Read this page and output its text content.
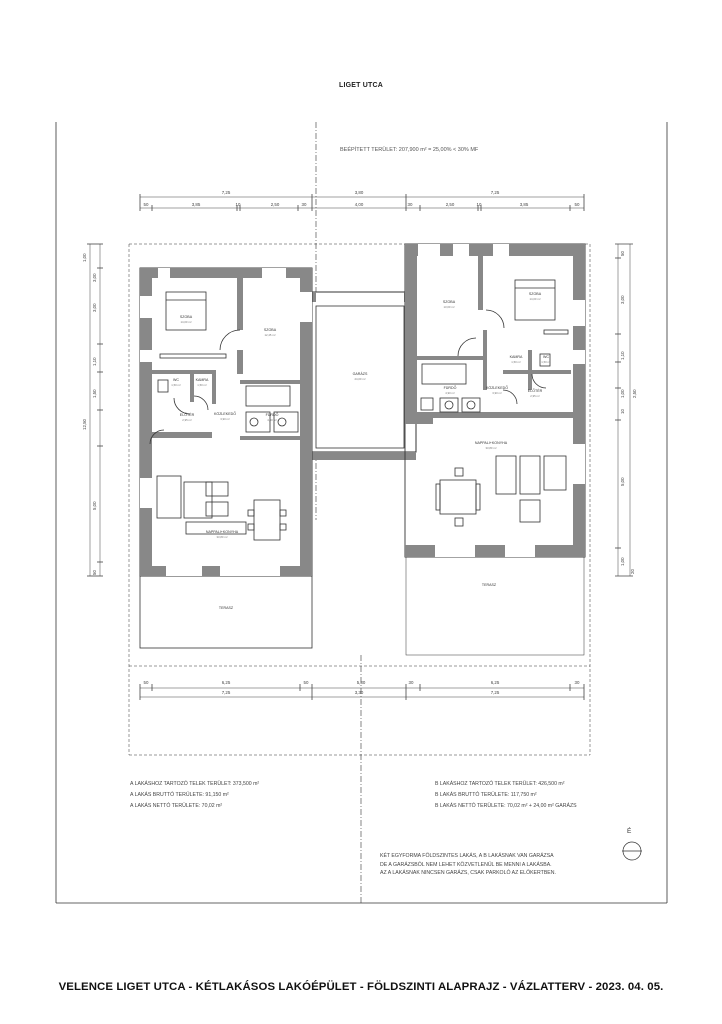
LIGET UTCA
BEÉPÍTETT TERÜLET: 207,900 m² = 25,00% < 30% MF
7,25	3,80	7,25
50	3,85	10	2,50	30	4,00	30	2,50	10	3,85	50
50	6,25	50	5,30	30	6,25	30
7,25	3,30	7,25
1,00
3,00
3,00
1,10
1,50
5,00
50
12,50
50
3,00
1,10
1,00
10
5,00
1,00
20
2,50
SZOBA
14,00 m²
SZOBA
12,45 m²
WC
1,50 m²
KAMRA
1,50 m²
ELŐTÉR
2,95 m²
KÖZLEKEDŐ
3,90 m²
FÜRDŐ
4,90 m²
NAPPALI+KONYHA
33,80 m²
TERASZ
GARÁZS
24,00 m²
SZOBA
13,00 m²
SZOBA
14,00 m²
KAMRA
1,50 m²
WC
1,50 m²
FÜRDŐ
4,90 m²
KÖZLEKEDŐ
3,90 m²	ELŐTÉR
2,95 m²
NAPPALI+KONYHA
33,80 m²
TERASZ
A LAKÁSHOZ TARTOZÓ TELEK TERÜLET: 373,500 m²
A LAKÁS BRUTTÓ TERÜLETE: 91,150 m²
A LAKÁS NETTÓ TERÜLETE: 70,02 m²
B LAKÁSHOZ TARTOZÓ TELEK TERÜLET: 426,500 m²
B LAKÁS BRUTTÓ TERÜLETE: 117,750 m²
B LAKÁS NETTÓ TERÜLETE: 70,02 m² + 24,00 m² GARÁZS
KÉT EGYFORMA FÖLDSZINTES LAKÁS, A B LAKÁSNAK VAN GARÁZSA
DE A GARÁZSBÓL NEM LEHET KÖZVETLENÜL BE MENNI A LAKÁSBA.
AZ A LAKÁSNAK NINCSEN GARÁZS, CSAK PARKOLÓ AZ ELŐKERTBEN.
É
VELENCE LIGET UTCA - KÉTLAKÁSOS LAKÓÉPÜLET - FÖLDSZINTI ALAPRAJZ - VÁZLATTERV - 2023. 04. 05.
